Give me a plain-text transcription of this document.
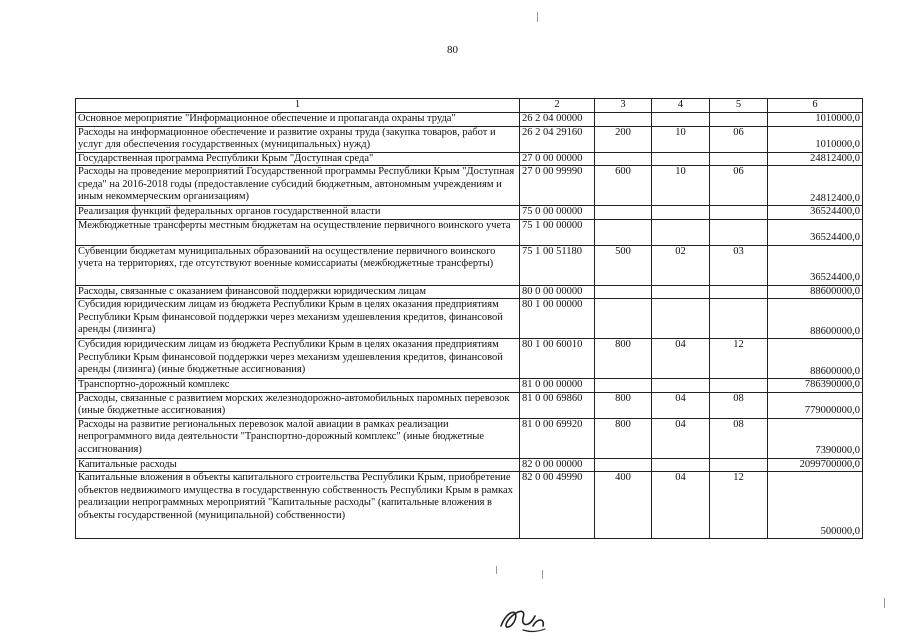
80
1	2	3	4	5	6
Основное мероприятие "Информационное обеспечение и пропаганда охраны труда"	26 2 04 00000				1010000,0
Расходы на информационное обеспечение и развитие охраны труда (закупка товаров, работ и услуг для обеспечения государственных (муниципальных) нужд)	26 2 04 29160	200	10	06	1010000,0
Государственная программа Республики Крым "Доступная среда"	27 0 00 00000				24812400,0
Расходы на проведение мероприятий Государственной программы Республики Крым "Доступная среда" на 2016-2018 годы (предоставление субсидий бюджетным, автономным учреждениям и иным некоммерческим организациям)	27 0 00 99990	600	10	06	24812400,0
Реализация функций федеральных органов государственной власти	75 0 00 00000				36524400,0
Межбюджетные трансферты местным бюджетам на осуществление первичного воинского учета	75 1 00 00000				36524400,0
Субвенции бюджетам муниципальных образований на осуществление первичного воинского учета на территориях, где отсутствуют военные комиссариаты (межбюджетные трансферты)	75 1 00 51180	500	02	03	36524400,0
Расходы, связанные с оказанием финансовой поддержки юридическим лицам	80 0 00 00000				88600000,0
Субсидия юридическим лицам из бюджета Республики Крым в целях оказания предприятиям Республики Крым финансовой поддержки через механизм удешевления кредитов, финансовой аренды (лизинга)	80 1 00 00000				88600000,0
Субсидия юридическим лицам из бюджета Республики Крым в целях оказания предприятиям Республики Крым финансовой поддержки через механизм удешевления кредитов, финансовой аренды (лизинга) (иные бюджетные ассигнования)	80 1 00 60010	800	04	12	88600000,0
Транспортно-дорожный комплекс	81 0 00 00000				786390000,0
Расходы, связанные с развитием морских железнодорожно-автомобильных паромных перевозок (иные бюджетные ассигнования)	81 0 00 69860	800	04	08	779000000,0
Расходы на развитие региональных перевозок малой авиации в рамках реализации непрограммного вида деятельности "Транспортно-дорожный комплекс" (иные бюджетные ассигнования)	81 0 00 69920	800	04	08	7390000,0
Капитальные расходы	82 0 00 00000				2099700000,0
Капитальные вложения в объекты капитального строительства Республики Крым, приобретение объектов недвижимого имущества в государственную собственность Республики Крым в рамках реализации непрограммных мероприятий "Капитальные расходы" (капитальные вложения в объекты государственной (муниципальной) собственности)	82 0 00 49990	400	04	12	500000,0
